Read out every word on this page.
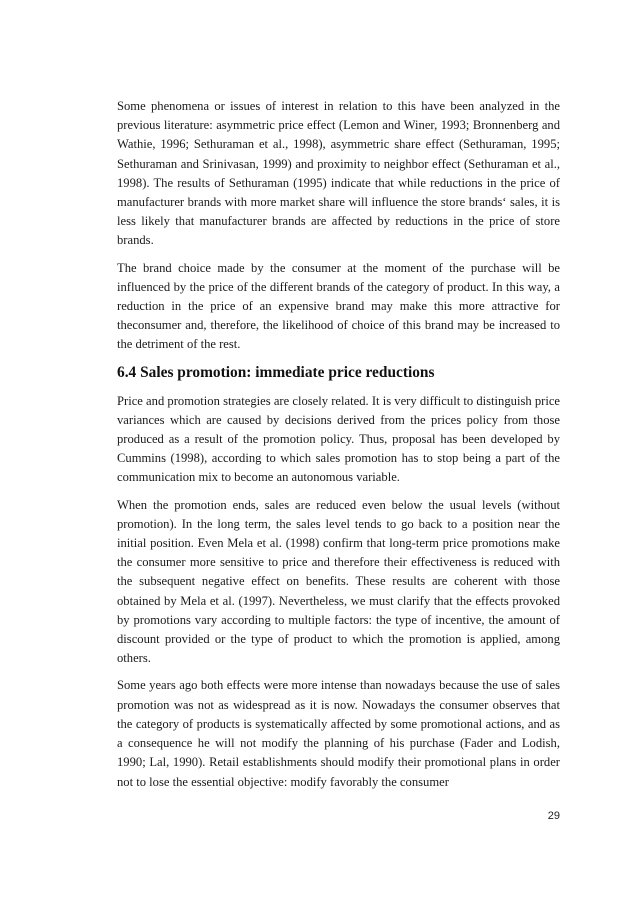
Some phenomena or issues of interest in relation to this have been analyzed in the previous literature: asymmetric price effect (Lemon and Winer, 1993; Bronnenberg and Wathie, 1996; Sethuraman et al., 1998), asymmetric share effect (Sethuraman, 1995; Sethuraman and Srinivasan, 1999) and proximity to neighbor effect (Sethuraman et al., 1998). The results of Sethuraman (1995) indicate that while reductions in the price of manufacturer brands with more market share will influence the store brands‘ sales, it is less likely that manufacturer brands are affected by reductions in the price of store brands.

The brand choice made by the consumer at the moment of the purchase will be influenced by the price of the different brands of the category of product. In this way, a reduction in the price of an expensive brand may make this more attractive for theconsumer and, therefore, the likelihood of choice of this brand may be increased to the detriment of the rest.

6.4 Sales promotion: immediate price reductions

Price and promotion strategies are closely related. It is very difficult to distinguish price variances which are caused by decisions derived from the prices policy from those produced as a result of the promotion policy. Thus, proposal has been developed by Cummins (1998), according to which sales promotion has to stop being a part of the communication mix to become an autonomous variable.

When the promotion ends, sales are reduced even below the usual levels (without promotion). In the long term, the sales level tends to go back to a position near the initial position. Even Mela et al. (1998) confirm that long-term price promotions make the consumer more sensitive to price and therefore their effectiveness is reduced with the subsequent negative effect on benefits. These results are coherent with those obtained by Mela et al. (1997). Nevertheless, we must clarify that the effects provoked by promotions vary according to multiple factors: the type of incentive, the amount of discount provided or the type of product to which the promotion is applied, among others.

Some years ago both effects were more intense than nowadays because the use of sales promotion was not as widespread as it is now. Nowadays the consumer observes that the category of products is systematically affected by some promotional actions, and as a consequence he will not modify the planning of his purchase (Fader and Lodish, 1990; Lal, 1990). Retail establishments should modify their promotional plans in order not to lose the essential objective: modify favorably the consumer

29
